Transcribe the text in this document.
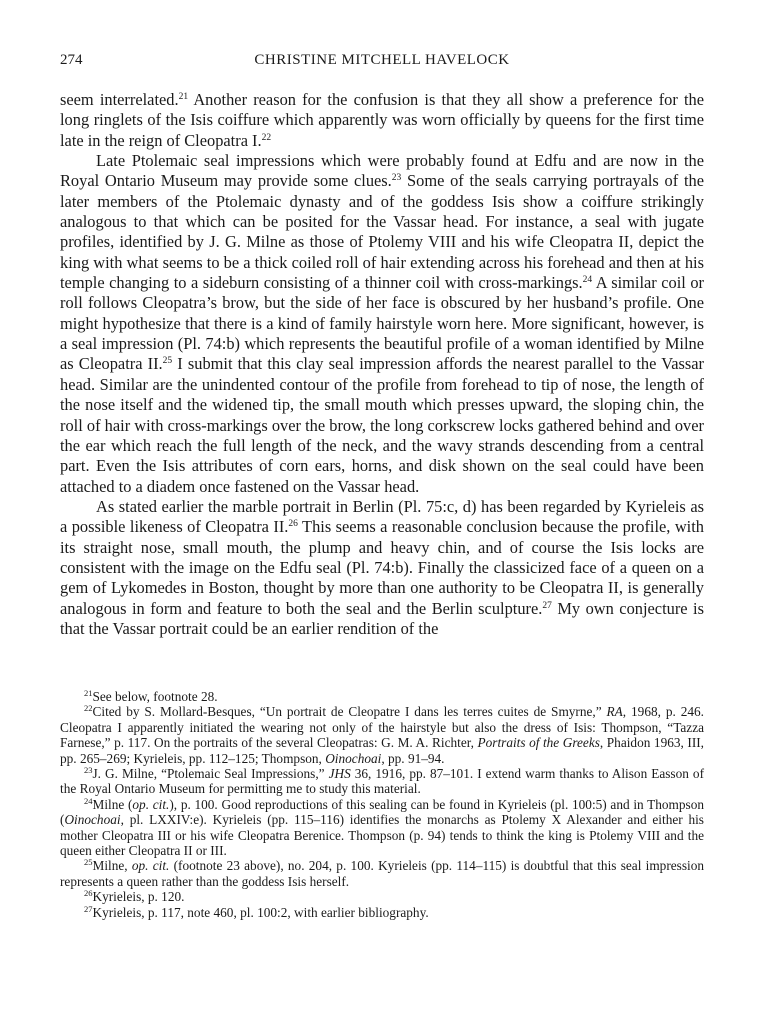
274	CHRISTINE MITCHELL HAVELOCK

seem interrelated.$^{21}$ Another reason for the confusion is that they all show a preference for the long ringlets of the Isis coiffure which apparently was worn officially by queens for the first time late in the reign of Cleopatra I.$^{22}$

Late Ptolemaic seal impressions which were probably found at Edfu and are now in the Royal Ontario Museum may provide some clues.$^{23}$ Some of the seals carrying portrayals of the later members of the Ptolemaic dynasty and of the goddess Isis show a coiffure strikingly analogous to that which can be posited for the Vassar head. For instance, a seal with jugate profiles, identified by J. G. Milne as those of Ptolemy VIII and his wife Cleopatra II, depict the king with what seems to be a thick coiled roll of hair extending across his forehead and then at his temple changing to a sideburn consisting of a thinner coil with cross-markings.$^{24}$ A similar coil or roll follows Cleopatra’s brow, but the side of her face is obscured by her husband’s profile. One might hypothesize that there is a kind of family hairstyle worn here. More significant, however, is a seal impression (Pl. 74:b) which represents the beautiful profile of a woman identified by Milne as Cleopatra II.$^{25}$ I submit that this clay seal impression affords the nearest parallel to the Vassar head. Similar are the unindented contour of the profile from forehead to tip of nose, the length of the nose itself and the widened tip, the small mouth which presses upward, the sloping chin, the roll of hair with cross-markings over the brow, the long corkscrew locks gathered behind and over the ear which reach the full length of the neck, and the wavy strands descending from a central part. Even the Isis attributes of corn ears, horns, and disk shown on the seal could have been attached to a diadem once fastened on the Vassar head.

As stated earlier the marble portrait in Berlin (Pl. 75:c, d) has been regarded by Kyrieleis as a possible likeness of Cleopatra II.$^{26}$ This seems a reasonable conclusion because the profile, with its straight nose, small mouth, the plump and heavy chin, and of course the Isis locks are consistent with the image on the Edfu seal (Pl. 74:b). Finally the classicized face of a queen on a gem of Lykomedes in Boston, thought by more than one authority to be Cleopatra II, is generally analogous in form and feature to both the seal and the Berlin sculpture.$^{27}$ My own conjecture is that the Vassar portrait could be an earlier rendition of the

$^{21}$See below, footnote 28.

$^{22}$Cited by S. Mollard-Besques, “Un portrait de Cleopatre I dans les terres cuites de Smyrne,” RA, 1968, p. 246. Cleopatra I apparently initiated the wearing not only of the hairstyle but also the dress of Isis: Thompson, “Tazza Farnese,” p. 117. On the portraits of the several Cleopatras: G. M. A. Richter, Portraits of the Greeks, Phaidon 1963, III, pp. 265–269; Kyrieleis, pp. 112–125; Thompson, Oinochoai, pp. 91–94.

$^{23}$J. G. Milne, “Ptolemaic Seal Impressions,” JHS 36, 1916, pp. 87–101. I extend warm thanks to Alison Easson of the Royal Ontario Museum for permitting me to study this material.

$^{24}$Milne (op. cit.), p. 100. Good reproductions of this sealing can be found in Kyrieleis (pl. 100:5) and in Thompson (Oinochoai, pl. LXXIV:e). Kyrieleis (pp. 115–116) identifies the monarchs as Ptolemy X Alexander and either his mother Cleopatra III or his wife Cleopatra Berenice. Thompson (p. 94) tends to think the king is Ptolemy VIII and the queen either Cleopatra II or III.

$^{25}$Milne, op. cit. (footnote 23 above), no. 204, p. 100. Kyrieleis (pp. 114–115) is doubtful that this seal impression represents a queen rather than the goddess Isis herself.

$^{26}$Kyrieleis, p. 120.

$^{27}$Kyrieleis, p. 117, note 460, pl. 100:2, with earlier bibliography.
